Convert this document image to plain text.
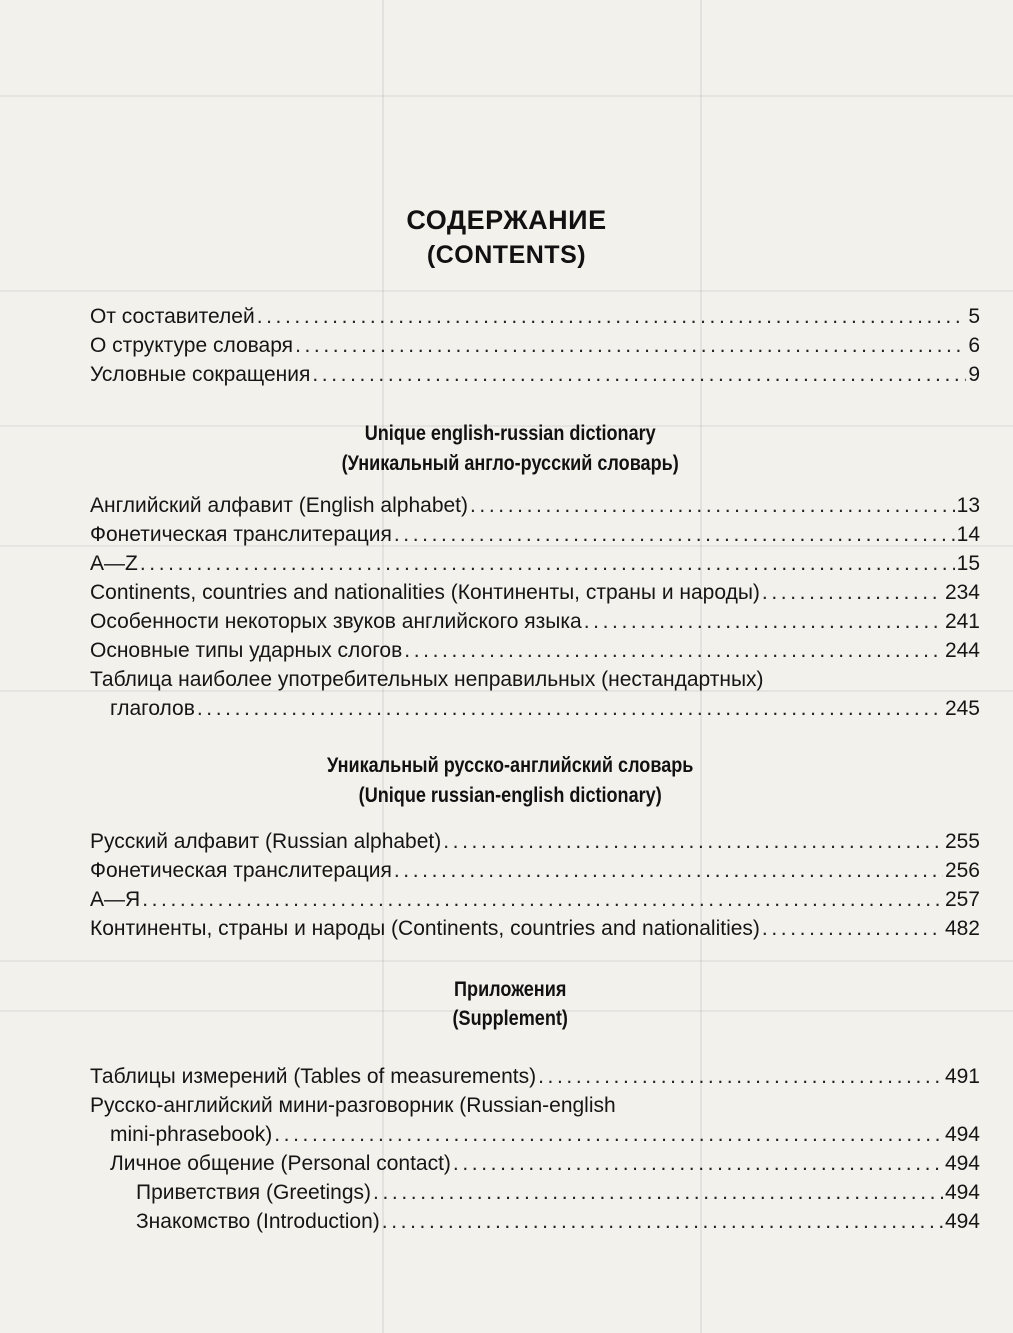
СОДЕРЖАНИЕ
(CONTENTS)
От составителей .....	5
О структуре словаря .....	6
Условные сокращения .....	9
Unique english-russian dictionary
(Уникальный англо-русский словарь)
Английский алфавит (English alphabet) .....	13
Фонетическая транслитерация .....	14
A—Z .....	15
Continents, countries and nationalities (Континенты, страны и народы) .....	234
Особенности некоторых звуков английского языка .....	241
Основные типы ударных слогов .....	244
Таблица наиболее употребительных неправильных (нестандартных)
глаголов .....	245
Уникальный русско-английский словарь
(Unique russian-english dictionary)
Русский алфавит (Russian alphabet) .....	255
Фонетическая транслитерация .....	256
А—Я .....	257
Континенты, страны и народы (Continents, countries and nationalities) .....	482
Приложения
(Supplement)
Таблицы измерений (Tables of measurements) .....	491
Русско-английский мини-разговорник (Russian-english
mini-phrasebook) .....	494
Личное общение (Personal contact) .....	494
Приветствия (Greetings) .....	494
Знакомство (Introduction) .....	494
